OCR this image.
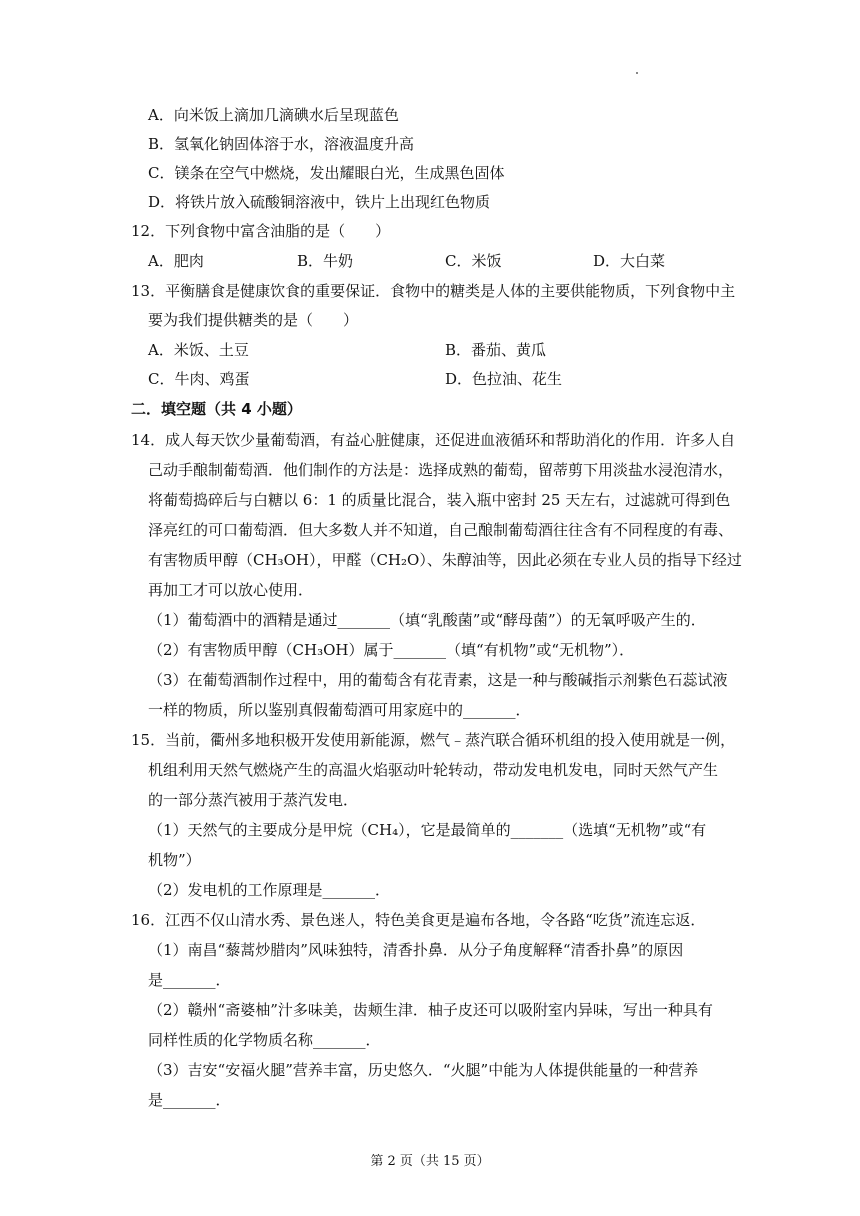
A．向米饭上滴加几滴碘水后呈现蓝色
B．氢氧化钠固体溶于水，溶液温度升高
C．镁条在空气中燃烧，发出耀眼白光，生成黑色固体
D．将铁片放入硫酸铜溶液中，铁片上出现红色物质
12．下列食物中富含油脂的是（　　）
A．肥肉	B．牛奶	C．米饭	D．大白菜
13．平衡膳食是健康饮食的重要保证．食物中的糖类是人体的主要供能物质，下列食物中主
要为我们提供糖类的是（　　）
A．米饭、土豆	B．番茄、黄瓜
C．牛肉、鸡蛋	D．色拉油、花生
二．填空题（共 4 小题）
14．成人每天饮少量葡萄酒，有益心脏健康，还促进血液循环和帮助消化的作用．许多人自
己动手酿制葡萄酒．他们制作的方法是：选择成熟的葡萄，留蒂剪下用淡盐水浸泡清水，
将葡萄捣碎后与白糖以 6：1 的质量比混合，装入瓶中密封 25 天左右，过滤就可得到色
泽亮红的可口葡萄酒．但大多数人并不知道，自己酿制葡萄酒往往含有不同程度的有毒、
有害物质甲醇（CH₃OH），甲醛（CH₂O）、朱醇油等，因此必须在专业人员的指导下经过
再加工才可以放心使用．
（1）葡萄酒中的酒精是通过_______（填“乳酸菌”或“酵母菌”）的无氧呼吸产生的．
（2）有害物质甲醇（CH₃OH）属于_______（填“有机物”或“无机物”）．
（3）在葡萄酒制作过程中，用的葡萄含有花青素，这是一种与酸碱指示剂紫色石蕊试液
一样的物质，所以鉴别真假葡萄酒可用家庭中的_______．
15．当前，衢州多地积极开发使用新能源，燃气﹣蒸汽联合循环机组的投入使用就是一例，
机组利用天然气燃烧产生的高温火焰驱动叶轮转动，带动发电机发电，同时天然气产生
的一部分蒸汽被用于蒸汽发电．
（1）天然气的主要成分是甲烷（CH₄），它是最简单的_______（选填“无机物”或“有
机物”）
（2）发电机的工作原理是_______．
16．江西不仅山清水秀、景色迷人，特色美食更是遍布各地，令各路“吃货”流连忘返．
（1）南昌“藜蒿炒腊肉”风味独特，清香扑鼻．从分子角度解释“清香扑鼻”的原因
是_______．
（2）赣州“斋婆柚”汁多味美，齿颊生津．柚子皮还可以吸附室内异味，写出一种具有
同样性质的化学物质名称_______．
（3）吉安“安福火腿”营养丰富，历史悠久．“火腿”中能为人体提供能量的一种营养
是_______．
第 2 页（共 15 页）
